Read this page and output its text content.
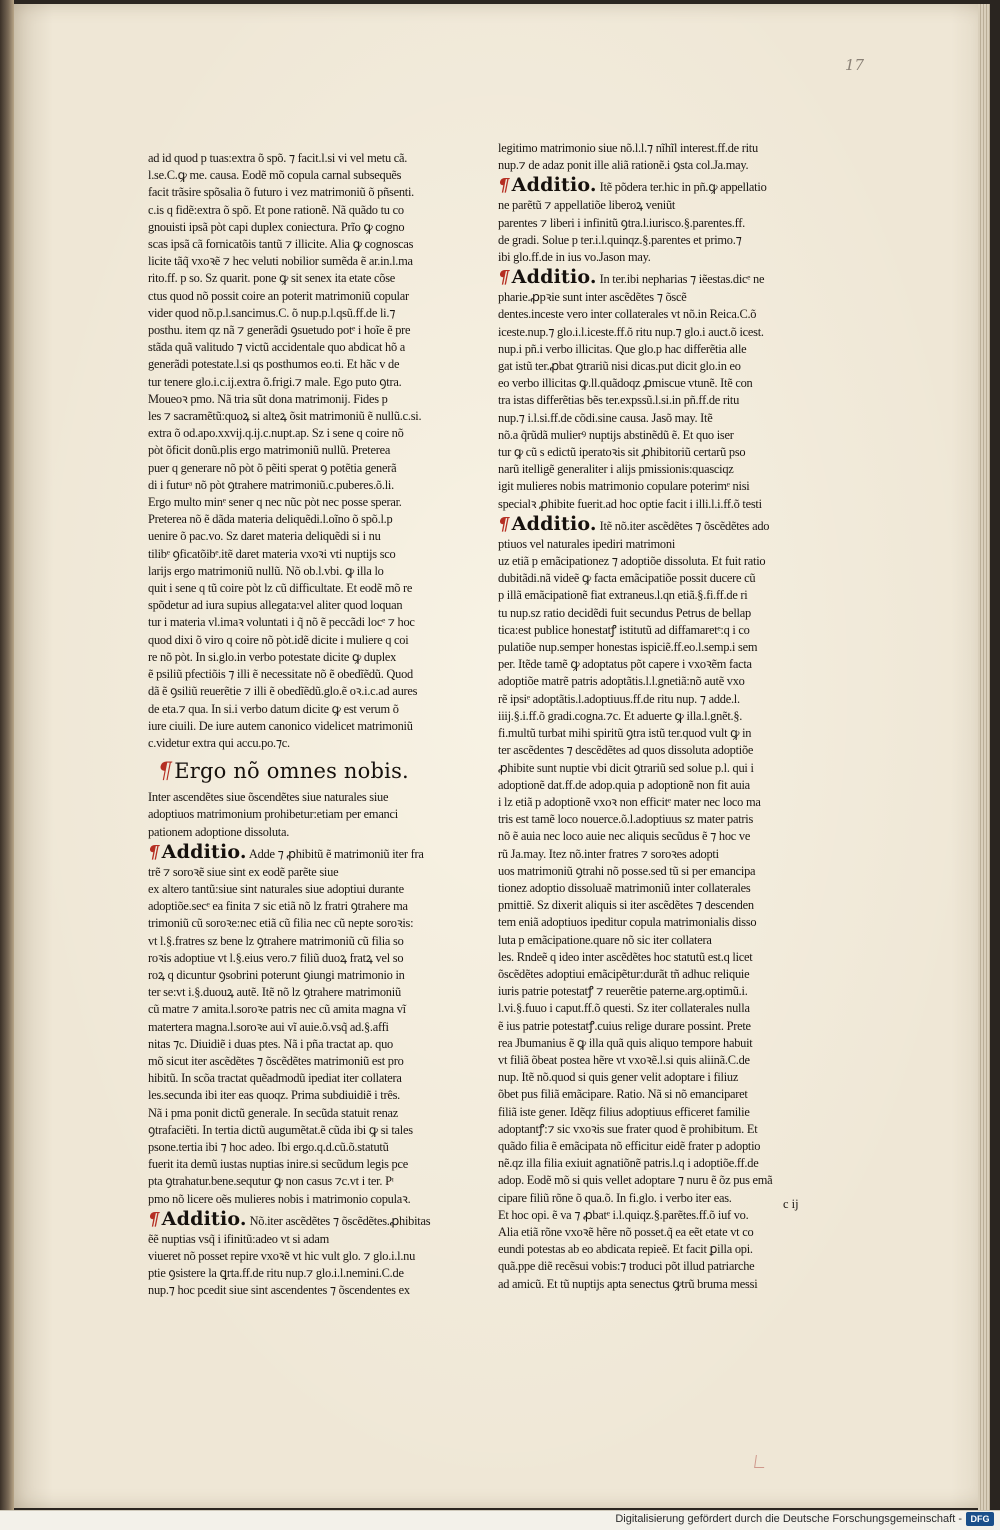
17

ad id quod p tuas:extra õ spõ. ⁊ facit.l.si vi vel metu cã.

l.se.C.ꝙ me. causa. Eodẽ mõ copula carnal subsequẽs

facit trãsire spõsalia õ futuro i vez matrimoniũ õ pñsenti.

c.is q fidẽ:extra õ spõ. Et pone rationẽ. Nã quãdo tu co

gnouisti ipsã pòt capi duplex coniectura. Prĩo ꝙ cogno

scas ipsã cã fornicatõis tantũ ⁊ illicite. Alia ꝙ cognoscas

licite tãq̃ vxoꝛẽ ⁊ hec veluti nobilior sumẽda ẽ ar.in.l.ma

rito.ff. p so. Sz quarit. pone ꝙ sit senex ita etate cõse

ctus quod nõ possit coire an poterit matrimoniũ copular

vider quod nõ.p.l.sancimus.C. õ nup.p.l.qsũ.ff.de li.⁊

posthu. item qz nã ⁊ generãdi ꝯsuetudo potᵉ i hoĩe ẽ pre

stãda quã valitudo ⁊ victũ accidentale quo abdicat hõ a

generãdi potestate.l.si qs posthumos eo.ti. Et hãc v de

tur tenere glo.i.c.ij.extra õ.frigi.⁊ male. Ego puto ꝯtra.

Moueoꝛ pmo. Nã tria sũt dona matrimonij. Fides p

les ⁊ sacramẽtũ:quoꝝ si alteꝝ õsit matrimoniũ ẽ nullũ.c.si.

extra õ od.apo.xxvij.q.ij.c.nupt.ap. Sz i sene q coire nõ

pòt õficit donũ.plis ergo matrimoniũ nullũ. Preterea

puer q generare nõ pòt õ pẽiti sperat ꝯ potẽtia generã

di i futurᵃ nõ pòt ꝯtrahere matrimoniũ.c.puberes.õ.li.

Ergo multo minᵉ sener q nec nũc pòt nec posse sperar.

Preterea nõ ẽ dãda materia deliquẽdi.l.oĩno õ spõ.l.p

uenire õ pac.vo. Sz daret materia deliquẽdi si i nu

tilibᵉ ꝯficatõibᵉ.itẽ daret materia vxoꝛi vti nuptijs sco

larijs ergo matrimoniũ nullũ. Nõ ob.l.vbi. ꝙ illa lo

quit i sene q tũ coire pòt lz cũ difficultate. Et eodẽ mõ re

spõdetur ad iura supius allegata:vel aliter quod loquan

tur i materia vl.imaꝛ voluntati i q̃ nõ ẽ peccãdi locᵉ ⁊ hoc

quod dixi õ viro q coire nõ pòt.idẽ dicite i muliere q coi

re nõ pòt. In si.glo.in verbo potestate dicite ꝙ duplex

ẽ psiliũ pfectiõis ⁊ illi ẽ necessitate nõ ẽ obedĩẽdũ. Quod

dã ẽ ꝯsiliũ reuerẽtie ⁊ illi ẽ obedĩẽdũ.glo.ẽ oꝛ.i.c.ad aures

de eta.⁊ qua. In si.i verbo datum dicite ꝙ est verum õ

iure ciuili. De iure autem canonico videlicet matrimoniũ

c.videtur extra qui accu.po.⁊c.

¶Ergo nõ omnes nobis.

Inter ascendẽtes siue õscendẽtes siue naturales siue

adoptiuos matrimonium prohibetur:etiam per emanci

pationem adoptione dissoluta.

¶ Additio. Adde ⁊ ꝓhibitũ ẽ matrimoniũ iter fra

trẽ ⁊ soroꝛẽ siue sint ex eodẽ parẽte siue

ex altero tantũ:siue sint naturales siue adoptiui durante

adoptiõe.secᵉ ea finita ⁊ sic etiã nõ lz fratri ꝯtrahere ma

trimoniũ cũ soroꝛe:nec etiã cũ filia nec cũ nepte soroꝛis:

vt l.§.fratres sz bene lz ꝯtrahere matrimoniũ cũ filia so

roꝛis adoptiue vt l.§.eius vero.⁊ filiũ duoꝝ fratꝝ vel so

roꝝ q dicuntur ꝯsobrini poterunt ꝯiungi matrimonio in

ter se:vt i.§.duouꝝ autẽ. Itẽ nõ lz ꝯtrahere matrimoniũ

cũ matre ⁊ amita.l.soroꝛe patris nec cũ amita magna vĩ

matertera magna.l.soroꝛe aui vĩ auie.õ.vsq̃ ad.§.affi

nitas ⁊c. Diuidiẽ i duas ptes. Nã i pña tractat ap. quo

mõ sicut iter ascẽdẽtes ⁊ õscẽdẽtes matrimoniũ est pro

hibitũ. In scõa tractat quẽadmodũ ipediat iter collatera

les.secunda ibi iter eas quoqz. Prima subdiuidiẽ i três.

Nã i pma ponit dictũ generale. In secũda statuit renaz

ꝯtrafaciẽti. In tertia dictũ augumẽtat.ẽ cũda ibi ꝙ si tales

psone.tertia ibi ⁊ hoc adeo. Ibi ergo.q.d.cũ.õ.statutũ

fuerit ita demũ iustas nuptias inire.si secũdum legis pce

pta ꝯtrahatur.bene.sequtur ꝙ non casus ⁊c.vt i ter. Pᶦ

pmo nõ licere oẽs mulieres nobis i matrimonio copulaꝛ.

¶ Additio. Nõ.iter ascẽdẽtes ⁊ õscẽdẽtes.ꝓhibitas

ẽẽ nuptias vsq̃ i ifinitũ:adeo vt si adam

viueret nõ posset repire vxoꝛẽ vt hic vult glo. ⁊ glo.i.l.nu

ptie ꝯsistere la ꝗrta.ff.de ritu nup.⁊ glo.i.l.nemini.C.de

nup.⁊ hoc pcedit siue sint ascendentes ⁊ õscendentes ex

legitimo matrimonio siue nõ.l.l.⁊ nĩhĩl interest.ff.de ritu

nup.⁊ de adaz ponit ille aliã rationẽ.i ꝯsta col.Ja.may.

¶ Additio. Itẽ põdera ter.hic in pñ.ꝙ appellatio

ne parẽtũ ⁊ appellatiõe liberoꝝ veniũt

parentes ⁊ liberi i infinitũ ꝯtra.l.iurisco.§.parentes.ff.

de gradi. Solue p ter.i.l.quinqz.§.parentes et primo.⁊

ibi glo.ff.de in ius vo.Jason may.

¶ Additio. In ter.ibi nepharias ⁊ iẽestas.dicᵉ ne

pharie.ꝓpꝛie sunt inter ascẽdẽtes ⁊ õscẽ

dentes.inceste vero inter collaterales vt nõ.in Reica.C.õ

iceste.nup.⁊ glo.i.l.iceste.ff.õ ritu nup.⁊ glo.i auct.õ icest.

nup.i pñ.i verbo illicitas. Que glo.p hac differẽtia alle

gat istũ ter.ꝓbat ꝯtrariũ nisi dicas.put dicit glo.in eo

eo verbo illicitas ꝙ.ll.quãdoqz ꝓmiscue vtunẽ. Itẽ con

tra istas differẽtias bẽs ter.expssũ.l.si.in pñ.ff.de ritu

nup.⁊ i.l.si.ff.de cõdi.sine causa. Jasõ may. Itẽ

nõ.a q̃rũdã mulierꝰ nuptijs abstinẽdũ ẽ. Et quo iser

tur ꝙ cũ s edictũ iperatoꝛis sit ꝓhibitoriũ certarũ pso

narũ itelligẽ generaliter i alijs pmissionis:quasciqz

igit mulieres nobis matrimonio copulare poterimᵉ nisi

specialꝛ ꝓhibite fuerit.ad hoc optie facit i illi.l.i.ff.õ testi

¶ Additio. Itẽ nõ.iter ascẽdẽtes ⁊ õscẽdẽtes ado

ptiuos vel naturales ipediri matrimoni

uz etiã p emãcipationez ⁊ adoptiõe dissoluta. Et fuit ratio

dubitãdi.nã videẽ ꝙ facta emãcipatiõe possit ducere cũ

p illã emãcipationẽ fiat extraneus.l.qn etiã.§.fi.ff.de ri

tu nup.sz ratio decidẽdi fuit secundus Petrus de bellap

tica:est publice honestatꝭ istitutũ ad diffamaretᵉ:q i co

pulatiõe nup.semper honestas ispiciẽ.ff.eo.l.semp.i sem

per. Itẽde tamẽ ꝙ adoptatus põt capere i vxoꝛẽm facta

adoptiõe matrẽ patris adoptãtis.l.l.gnetiã:nõ autẽ vxo

rẽ ipsiᵉ adoptãtis.l.adoptiuus.ff.de ritu nup. ⁊ adde.l.

iiij.§.i.ff.õ gradi.cogna.⁊c. Et aduerte ꝙ illa.l.gnẽt.§.

fi.multũ turbat mihi spiritũ ꝯtra istũ ter.quod vult ꝙ in

ter ascẽdentes ⁊ descẽdẽtes ad quos dissoluta adoptiõe

ꝓhibite sunt nuptie vbi dicit ꝯtrariũ sed solue p.l. qui i

adoptionẽ dat.ff.de adop.quia p adoptionẽ non fit auia

i lz etiã p adoptionẽ vxoꝛ non efficitᵉ mater nec loco ma

tris est tamẽ loco nouerce.õ.l.adoptiuus sz mater patris

nõ ẽ auia nec loco auie nec aliquis secũdus ẽ ⁊ hoc ve

rũ Ja.may. Itez nõ.inter fratres ⁊ soroꝛes adopti

uos matrimoniũ ꝯtrahi nõ posse.sed tũ si per emancipa

tionez adoptio dissoluaẽ matrimoniũ inter collaterales

pmittiẽ. Sz dixerit aliquis si iter ascẽdẽtes ⁊ descenden

tem eniã adoptiuos ipeditur copula matrimonialis disso

luta p emãcipatione.quare nõ sic iter collatera

les. Rndeẽ q ideo inter ascẽdẽtes hoc statutũ est.q licet

õscẽdẽtes adoptiui emãcipẽtur:durãt tñ adhuc reliquie

iuris patrie potestatꝭ ⁊ reuerẽtie paterne.arg.optimũ.i.

l.vi.§.fuuo i caput.ff.õ questi. Sz iter collaterales nulla

ẽ ius patrie potestatꝭ.cuius relige durare possint. Prete

rea Jbumanius ẽ ꝙ illa quã quis aliquo tempore habuit

vt filiã õbeat postea hẽre vt vxoꝛẽ.l.si quis aliinã.C.de

nup. Itẽ nõ.quod si quis gener velit adoptare i filiuz

õbet pus filiã emãcipare. Ratio. Nã si nõ emanciparet

filiã iste gener. Idẽqz filius adoptiuus efficeret familie

adoptantꝭ:⁊ sic vxoꝛis sue frater quod ẽ prohibitum. Et

quãdo filia ẽ emãcipata nõ efficitur eidẽ frater p adoptio

nẽ.qz illa filia exiuit agnatiõnẽ patris.l.q i adoptiõe.ff.de

adop. Eodẽ mõ si quis vellet adoptare ⁊ nuru ẽ õz pus emã

cipare filiũ rõne õ qua.õ. In fi.glo. i verbo iter eas.

Et hoc opi. ẽ va ⁊ ꝓbatᵉ i.l.quiqz.§.parẽtes.ff.õ iuf vo.

Alia etiã rõne vxoꝛẽ hẽre nõ posset.q̃ ea eẽt etate vt co

eundi potestas ab eo abdicata repieẽ. Et facit ꝑilla opi.

quã.ppe diẽ recẽsui vobis:⁊ troduci põt illud patriarche

ad amicũ. Et tũ nuptijs apta senectus ꝙtrũ bruma messi

c ij
Digitalisierung gefördert durch die Deutsche Forschungsgemeinschaft - DFG
